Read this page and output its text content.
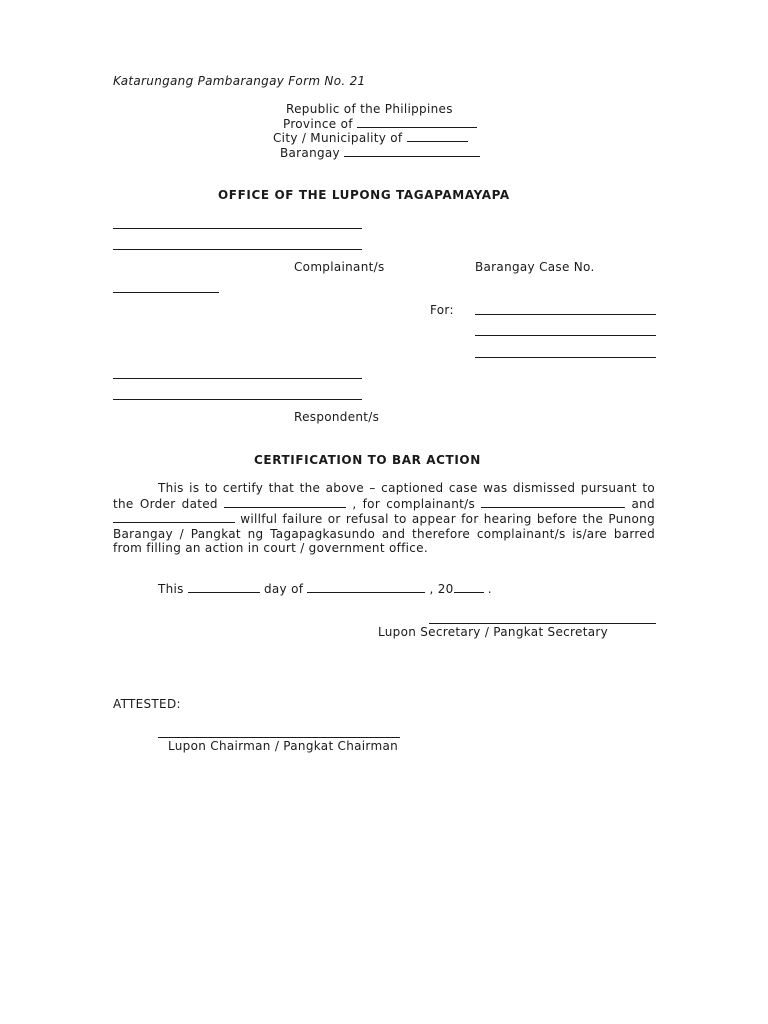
Katarungang Pambarangay Form No. 21
Republic of the Philippines
Province of
City / Municipality of
Barangay
OFFICE OF THE LUPONG TAGAPAMAYAPA
Complainant/s	Barangay Case No.
For:
Respondent/s
CERTIFICATION TO BAR ACTION

This is to certify that the above – captioned case was dismissed pursuant to the Order dated	, for complainant/s	and  willful failure or refusal to appear for hearing before the Punong Barangay / Pangkat ng Tagapagkasundo and therefore complainant/s is/are barred from filling an action in court / government office.

This	day of	, 20	.
Lupon Secretary / Pangkat Secretary
ATTESTED:
Lupon Chairman / Pangkat Chairman
